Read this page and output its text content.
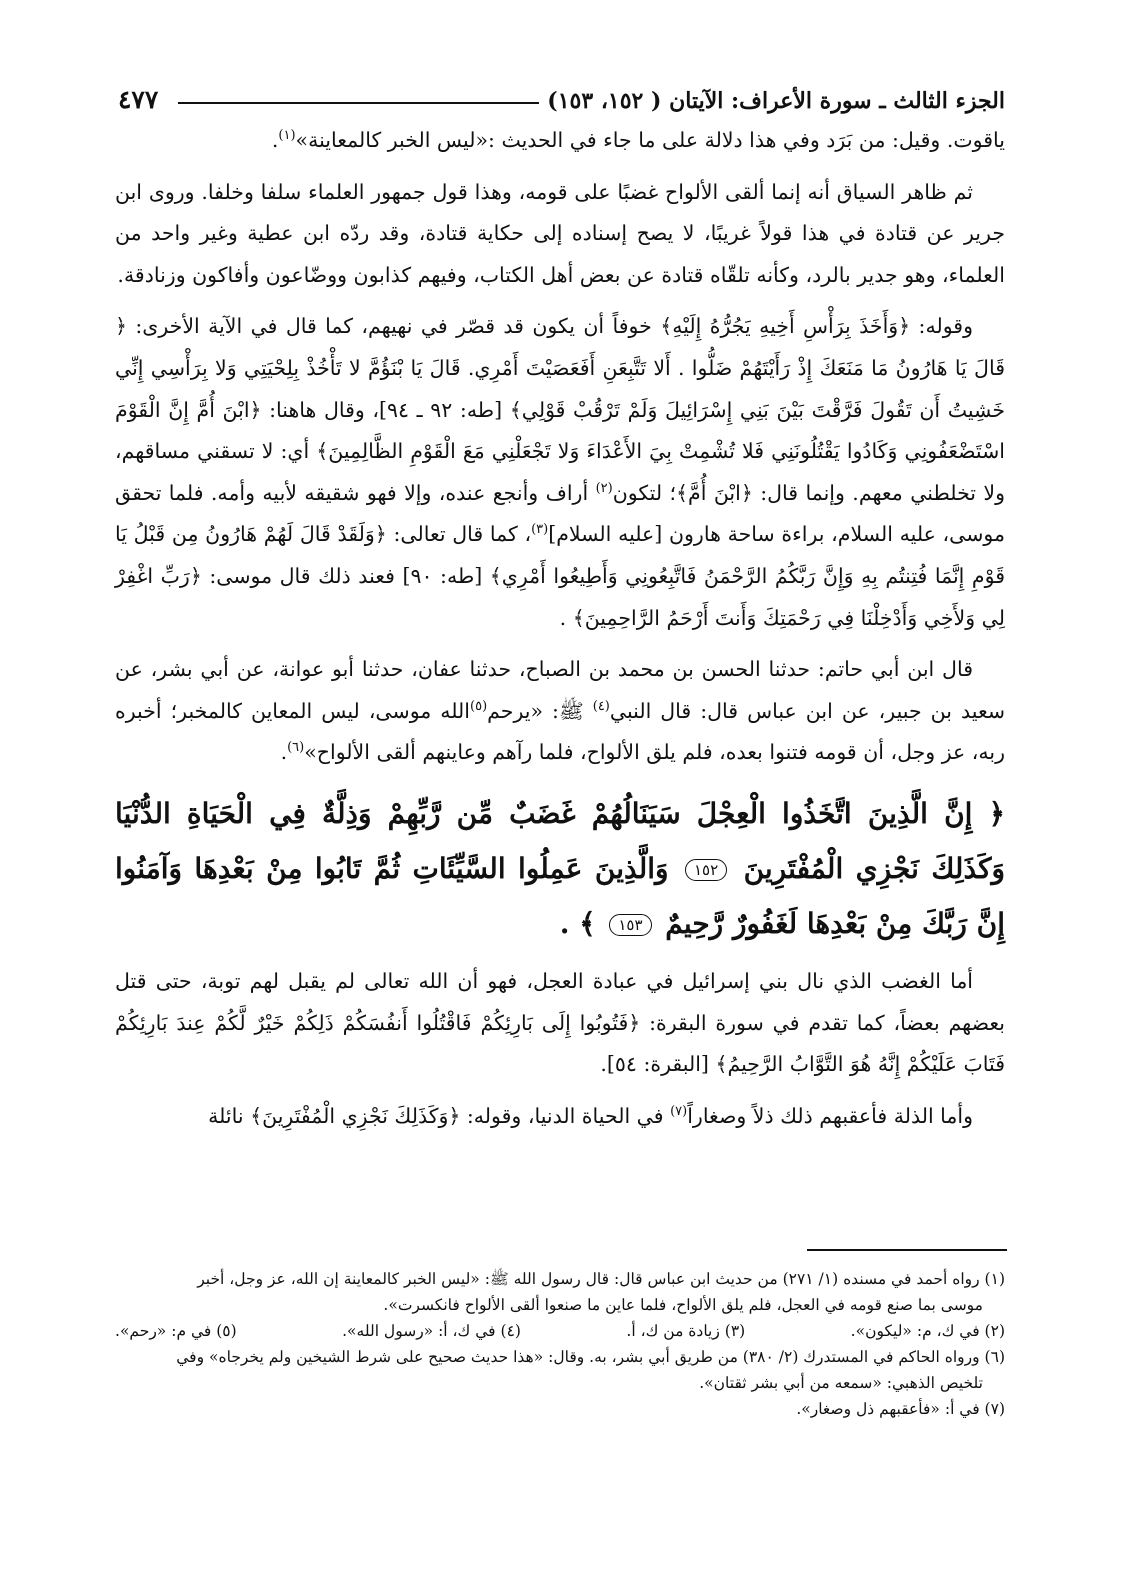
٤٧٧	الجزء الثالث ـ سورة الأعراف: الآيتان ( ١٥٢، ١٥٣)

ياقوت. وقيل: من بَرَد وفي هذا دلالة على ما جاء في الحديث :«ليس الخبر كالمعاينة»$^{(١)}$.

ثم ظاهر السياق أنه إنما ألقى الألواح غضبًا على قومه، وهذا قول جمهور العلماء سلفا وخلفا. وروى ابن جرير عن قتادة في هذا قولاً غريبًا، لا يصح إسناده إلى حكاية قتادة، وقد ردّه ابن عطية وغير واحد من العلماء، وهو جدير بالرد، وكأنه تلقّاه قتادة عن بعض أهل الكتاب، وفيهم كذابون ووضّاعون وأفاكون وزنادقة.

وقوله: ﴿وَأَخَذَ بِرَأْسِ أَخِيهِ يَجُرُّهُ إِلَيْهِ﴾ خوفاً أن يكون قد قصّر في نهيهم، كما قال في الآية الأخرى: ﴿ قَالَ يَا هَارُونُ مَا مَنَعَكَ إِذْ رَأَيْتَهُمْ ضَلُّوا . أَلا تَتَّبِعَنِ أَفَعَصَيْتَ أَمْرِي. قَالَ يَا بْنَؤُمَّ لا تَأْخُذْ بِلِحْيَتِي وَلا بِرَأْسِي إِنِّي خَشِيتُ أَن تَقُولَ فَرَّقْتَ بَيْنَ بَنِي إِسْرَائِيلَ وَلَمْ تَرْقُبْ قَوْلِي﴾ [طه: ٩٢ ـ ٩٤]، وقال هاهنا: ﴿ابْنَ أُمَّ إِنَّ الْقَوْمَ اسْتَضْعَفُونِي وَكَادُوا يَقْتُلُونَنِي فَلا تُشْمِتْ بِيَ الأَعْدَاءَ وَلا تَجْعَلْنِي مَعَ الْقَوْمِ الظَّالِمِينَ﴾ أي: لا تسقني مساقهم، ولا تخلطني معهم. وإنما قال: ﴿ابْنَ أُمَّ﴾؛ لتكون$^{(٢)}$ أراف وأنجع عنده، وإلا فهو شقيقه لأبيه وأمه. فلما تحقق موسى، عليه السلام، براءة ساحة هارون [عليه السلام]$^{(٣)}$، كما قال تعالى: ﴿وَلَقَدْ قَالَ لَهُمْ هَارُونُ مِن قَبْلُ يَا قَوْمِ إِنَّمَا فُتِنتُم بِهِ وَإِنَّ رَبَّكُمُ الرَّحْمَنُ فَاتَّبِعُونِي وَأَطِيعُوا أَمْرِي﴾ [طه: ٩٠] فعند ذلك قال موسى: ﴿رَبِّ اغْفِرْ لِي وَلأَخِي وَأَدْخِلْنَا فِي رَحْمَتِكَ وَأَنتَ أَرْحَمُ الرَّاحِمِينَ﴾ .

قال ابن أبي حاتم: حدثنا الحسن بن محمد بن الصباح، حدثنا عفان، حدثنا أبو عوانة، عن أبي بشر، عن سعيد بن جبير، عن ابن عباس قال: قال النبي$^{(٤)}$ ﷺ: «يرحم$^{(٥)}$الله موسى، ليس المعاين كالمخبر؛ أخبره ربه، عز وجل، أن قومه فتنوا بعده، فلم يلق الألواح، فلما رآهم وعاينهم ألقى الألواح»$^{(٦)}$.

﴿ إِنَّ الَّذِينَ اتَّخَذُوا الْعِجْلَ سَيَنَالُهُمْ غَضَبٌ مِّن رَّبِّهِمْ وَذِلَّةٌ فِي الْحَيَاةِ الدُّنْيَا وَكَذَلِكَ نَجْزِي الْمُفْتَرِينَ ١٥٢ وَالَّذِينَ عَمِلُوا السَّيِّئَاتِ ثُمَّ تَابُوا مِنْ بَعْدِهَا وَآمَنُوا إِنَّ رَبَّكَ مِنْ بَعْدِهَا لَغَفُورٌ رَّحِيمٌ ١٥٣ ﴾ .

أما الغضب الذي نال بني إسرائيل في عبادة العجل، فهو أن الله تعالى لم يقبل لهم توبة، حتى قتل بعضهم بعضاً، كما تقدم في سورة البقرة: ﴿فَتُوبُوا إِلَى بَارِئِكُمْ فَاقْتُلُوا أَنفُسَكُمْ ذَلِكُمْ خَيْرٌ لَّكُمْ عِندَ بَارِئِكُمْ فَتَابَ عَلَيْكُمْ إِنَّهُ هُوَ التَّوَّابُ الرَّحِيمُ﴾ [البقرة: ٥٤].

وأما الذلة فأعقبهم ذلك ذلاً وصغاراً$^{(٧)}$ في الحياة الدنيا، وقوله: ﴿وَكَذَلِكَ نَجْزِي الْمُفْتَرِينَ﴾ نائلة

(١) رواه أحمد في مسنده (١/ ٢٧١) من حديث ابن عباس قال: قال رسول الله ﷺ: «ليس الخبر كالمعاينة إن الله، عز وجل، أخبر

موسى بما صنع قومه في العجل، فلم يلق الألواح، فلما عاين ما صنعوا ألقى الألواح فانكسرت».

(٢) في ك، م: «ليكون».
(٣) زيادة من ك، أ.
(٤) في ك، أ: «رسول الله».
(٥) في م: «رحم».

(٦) ورواه الحاكم في المستدرك (٢/ ٣٨٠) من طريق أبي بشر، به. وقال: «هذا حديث صحيح على شرط الشيخين ولم يخرجاه» وفي

تلخيص الذهبي: «سمعه من أبي بشر ثقتان».

(٧) في أ: «فأعقبهم ذل وصغار».
